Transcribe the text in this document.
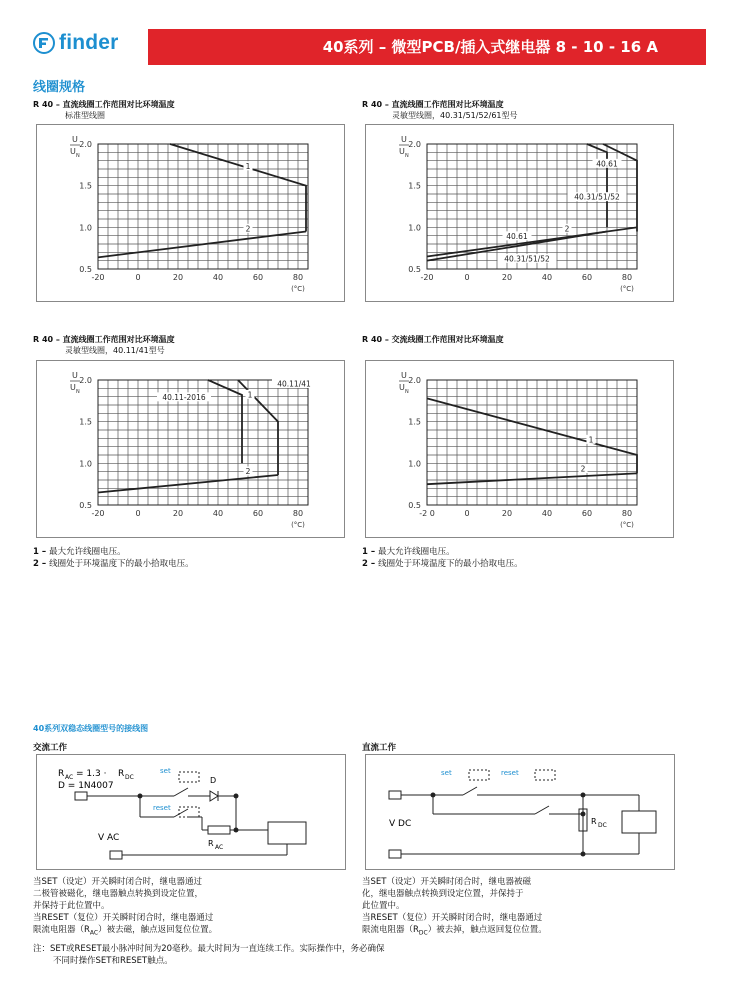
finder	40系列 – 微型PCB/插入式继电器 8 - 10 - 16 A
线圈规格
R 40 – 直流线圈工作范围对比环境温度
标准型线圈
R 40 – 直流线圈工作范围对比环境温度
灵敏型线圈，40.31/51/52/61型号
R 40 – 直流线圈工作范围对比环境温度
灵敏型线圈，40.11/41型号
R 40 – 交流线圈工作范围对比环境温度
2.0
1.5
1.0
0.5
-20	0	20	40	60	80
U
U N
(°C)
1
2
2.0
1.5
1.0
0.5
-20	0	20	40	60	80
U
U N
(°C)
40.61
40.31/51/52
2
40.61
40.31/51/52
2.0
1.5
1.0
0.5
-20	0	20	40	60	80
U
U N
(°C)
40.11-2016	1
40.11/41
2
2.0
1.5
1.0
0.5
-2 0	0	20	40	60	80
U
U N
(°C)
1
2
1 – 最大允许线圈电压。
2 – 线圈处于环境温度下的最小拾取电压。
1 – 最大允许线圈电压。
2 – 线圈处于环境温度下的最小拾取电压。
40系列双稳态线圈型号的接线图
交流工作	直流工作
R AC = 1.3 · R DC
D = 1N4007
set
D
reset
R AC
V AC
set	reset
R DC
V DC
当SET（设定）开关瞬时闭合时，继电器通过
二极管被磁化，继电器触点转换到设定位置，
并保持于此位置中。
当RESET（复位）开关瞬时闭合时，继电器通过
限流电阻器$(R_{AC})$被去磁，触点返回复位位置。
当SET（设定）开关瞬时闭合时，继电器被磁
化，继电器触点转换到设定位置，并保持于
此位置中。
当RESET（复位）开关瞬时闭合时，继电器通过
限流电阻器$(R_{DC})$被去掉，触点返回复位位置。
注：SET或RESET最小脉冲时间为20毫秒。最大时间为一直连续工作。实际操作中，务必确保
不同时操作SET和RESET触点。
